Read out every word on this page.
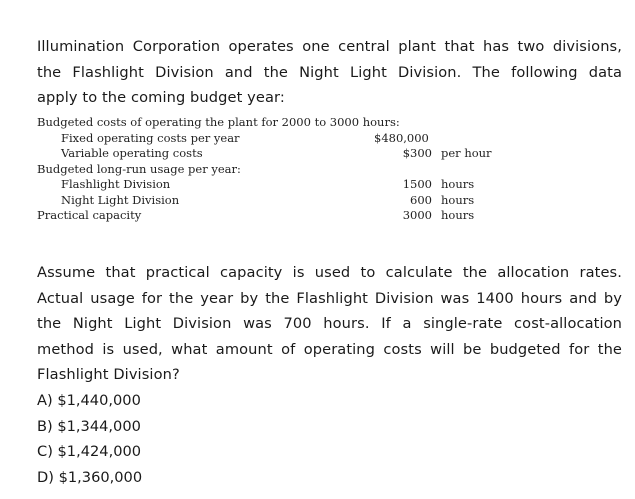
Illumination Corporation operates one central plant that has two divisions,
the Flashlight Division and the Night Light Division. The following data
apply to the coming budget year:
Budgeted costs of operating the plant for 2000 to 3000 hours:
Fixed operating costs per year	$480,000
Variable operating costs	$300 per hour
Budgeted long-run usage per year:
Flashlight Division	1500 hours
Night Light Division	600 hours
Practical capacity	3000 hours
Assume that practical capacity is used to calculate the allocation rates.
Actual usage for the year by the Flashlight Division was 1400 hours and by
the Night Light Division was 700 hours. If a single-rate cost-allocation
method is used, what amount of operating costs will be budgeted for the
Flashlight Division?
A) $1,440,000
B) $1,344,000
C) $1,424,000
D) $1,360,000
